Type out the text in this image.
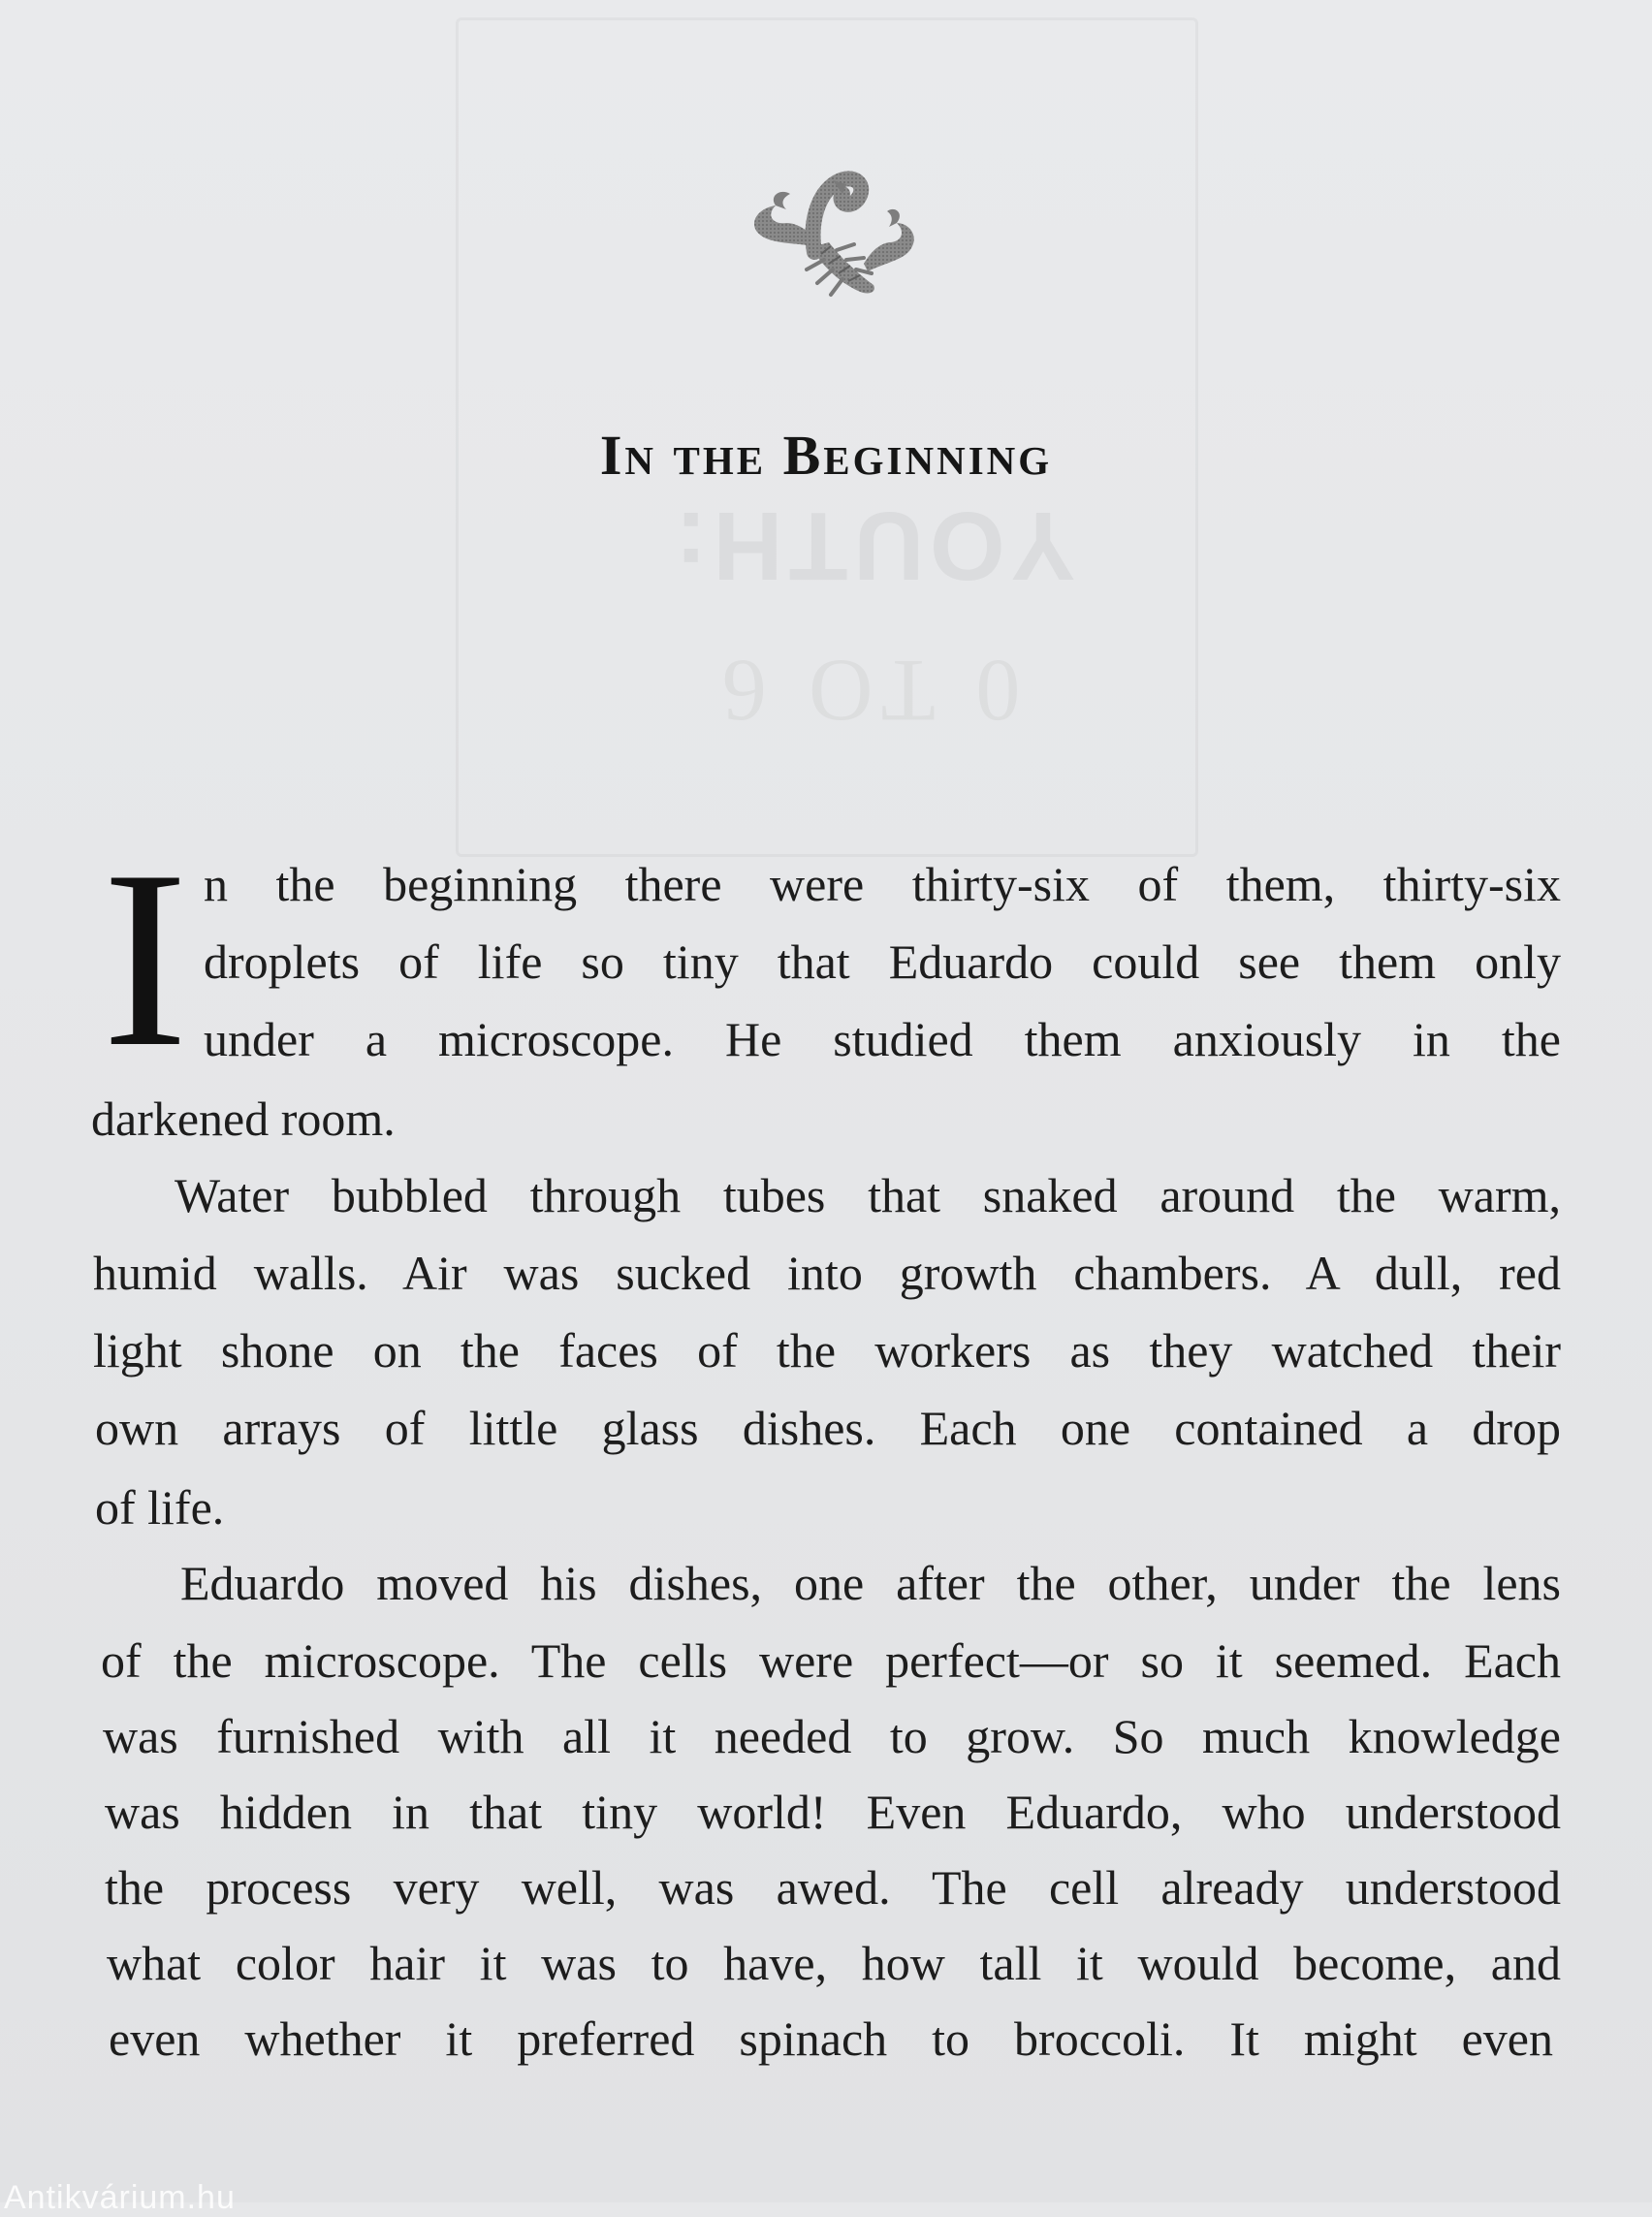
YOUTH:
In the Beginning
I n the beginning there were thirty-six of them, thirty-six
droplets of life so tiny that Eduardo could see them only
under a microscope. He studied them anxiously in the
darkened room.
Water bubbled through tubes that snaked around the warm,
humid walls. Air was sucked into growth chambers. A dull, red
light shone on the faces of the workers as they watched their
own arrays of little glass dishes. Each one contained a drop
of life.
Eduardo moved his dishes, one after the other, under the lens
of the microscope. The cells were perfect—or so it seemed. Each
was furnished with all it needed to grow. So much knowledge
was hidden in that tiny world! Even Eduardo, who understood
the process very well, was awed. The cell already understood
what color hair it was to have, how tall it would become, and
even whether it preferred spinach to broccoli. It might even
Antikvárium.hu
